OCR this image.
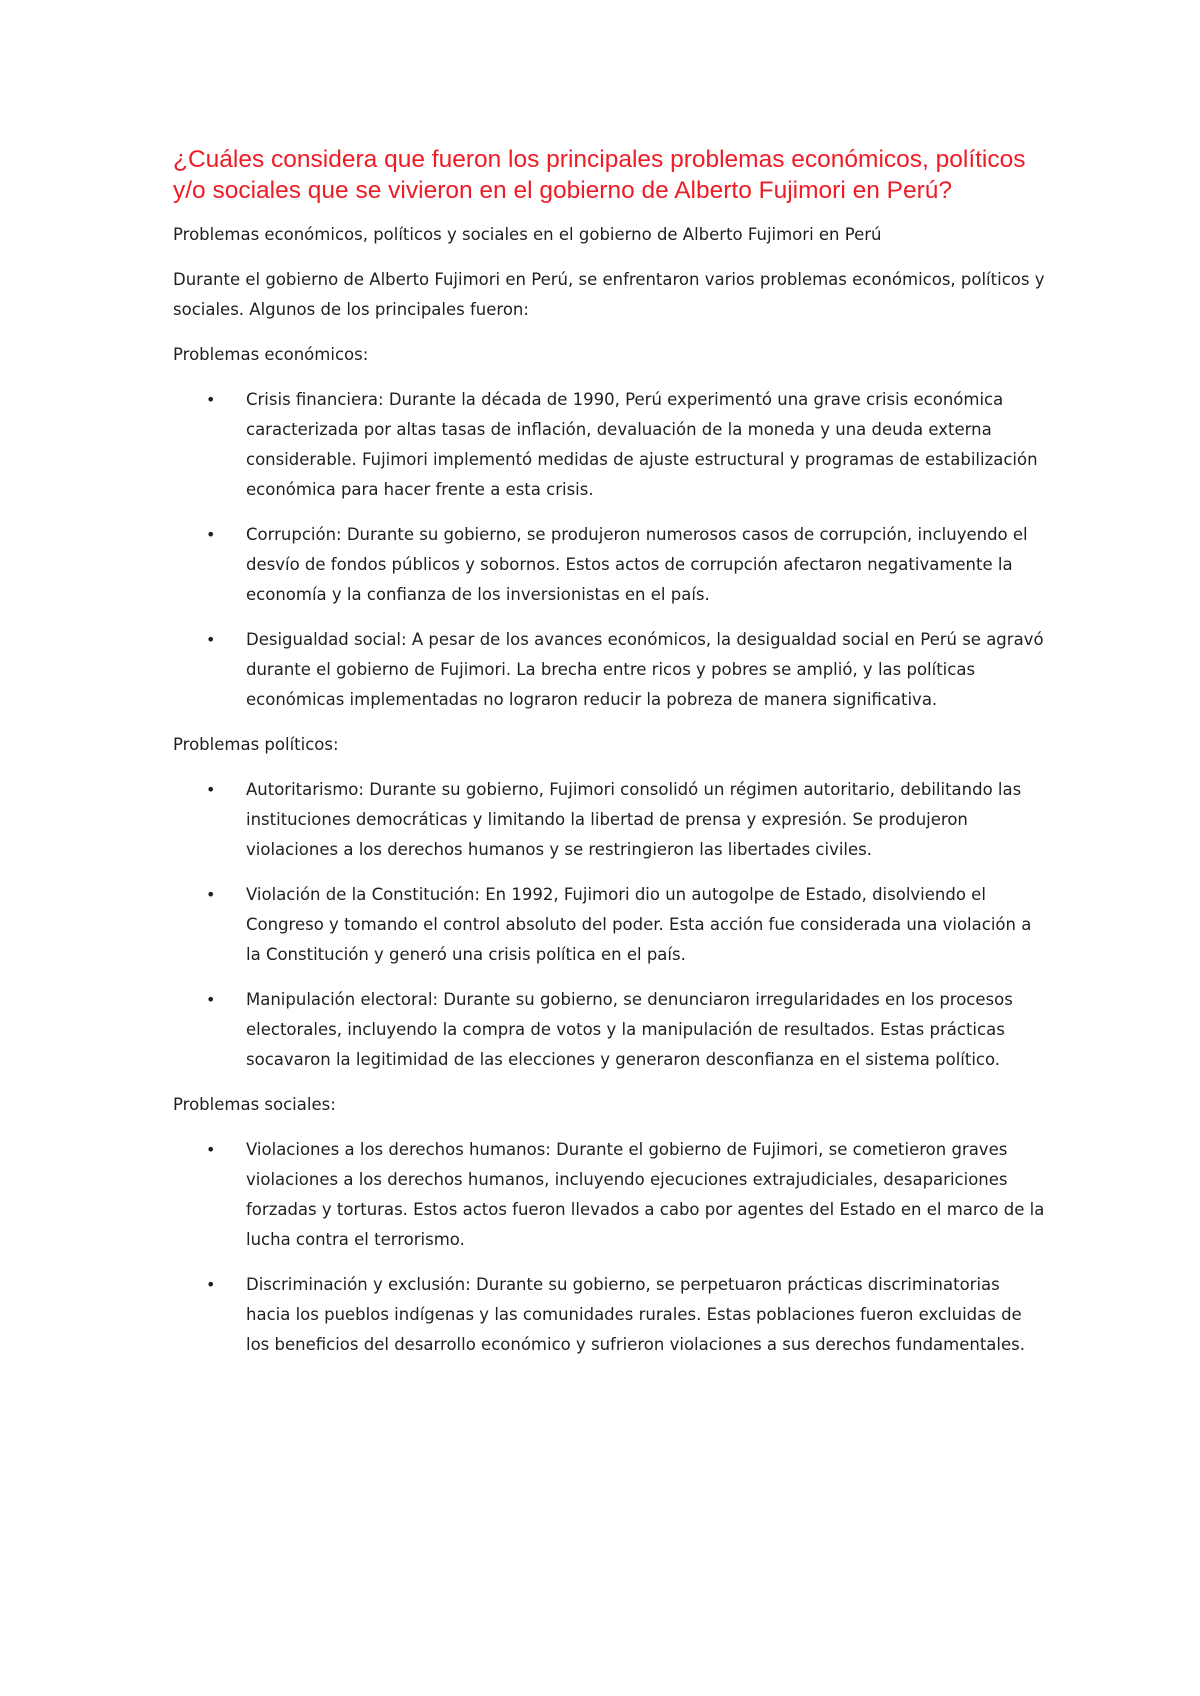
¿Cuáles considera que fueron los principales problemas económicos, políticos y/o sociales que se vivieron en el gobierno de Alberto Fujimori en Perú?

Problemas económicos, políticos y sociales en el gobierno de Alberto Fujimori en Perú

Durante el gobierno de Alberto Fujimori en Perú, se enfrentaron varios problemas económicos, políticos y sociales. Algunos de los principales fueron:

Problemas económicos:

• Crisis financiera: Durante la década de 1990, Perú experimentó una grave crisis económica caracterizada por altas tasas de inflación, devaluación de la moneda y una deuda externa considerable. Fujimori implementó medidas de ajuste estructural y programas de estabilización económica para hacer frente a esta crisis.
• Corrupción: Durante su gobierno, se produjeron numerosos casos de corrupción, incluyendo el desvío de fondos públicos y sobornos. Estos actos de corrupción afectaron negativamente la economía y la confianza de los inversionistas en el país.
• Desigualdad social: A pesar de los avances económicos, la desigualdad social en Perú se agravó durante el gobierno de Fujimori. La brecha entre ricos y pobres se amplió, y las políticas económicas implementadas no lograron reducir la pobreza de manera significativa.

Problemas políticos:

• Autoritarismo: Durante su gobierno, Fujimori consolidó un régimen autoritario, debilitando las instituciones democráticas y limitando la libertad de prensa y expresión. Se produjeron violaciones a los derechos humanos y se restringieron las libertades civiles.
• Violación de la Constitución: En 1992, Fujimori dio un autogolpe de Estado, disolviendo el Congreso y tomando el control absoluto del poder. Esta acción fue considerada una violación a la Constitución y generó una crisis política en el país.
• Manipulación electoral: Durante su gobierno, se denunciaron irregularidades en los procesos electorales, incluyendo la compra de votos y la manipulación de resultados. Estas prácticas socavaron la legitimidad de las elecciones y generaron desconfianza en el sistema político.

Problemas sociales:

• Violaciones a los derechos humanos: Durante el gobierno de Fujimori, se cometieron graves violaciones a los derechos humanos, incluyendo ejecuciones extrajudiciales, desapariciones forzadas y torturas. Estos actos fueron llevados a cabo por agentes del Estado en el marco de la lucha contra el terrorismo.
• Discriminación y exclusión: Durante su gobierno, se perpetuaron prácticas discriminatorias hacia los pueblos indígenas y las comunidades rurales. Estas poblaciones fueron excluidas de los beneficios del desarrollo económico y sufrieron violaciones a sus derechos fundamentales.
